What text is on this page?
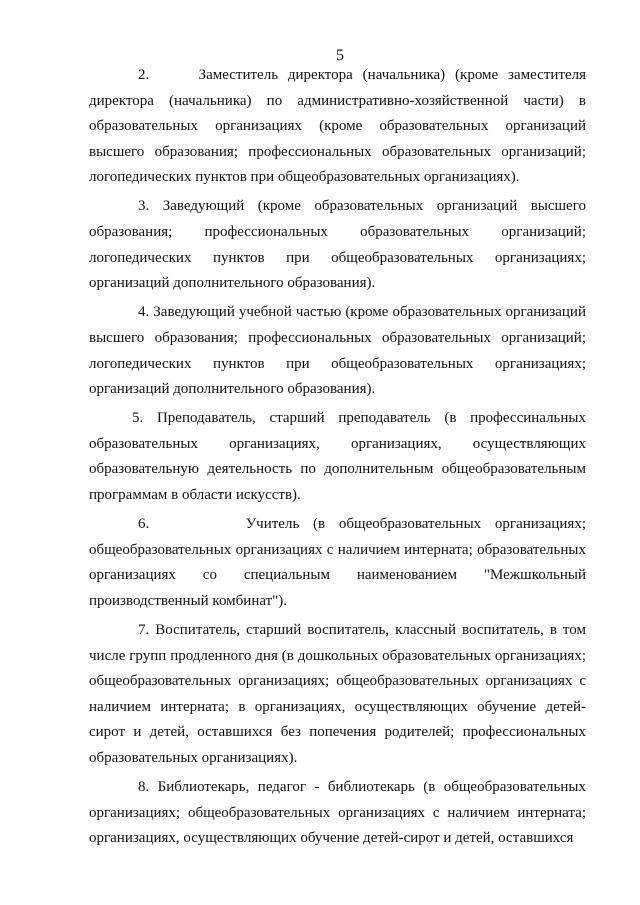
5

2.     Заместитель директора (начальника) (кроме заместителя директора (начальника) по административно-хозяйственной части) в образовательных организациях (кроме образовательных организаций высшего образования; профессиональных образовательных организаций; логопедических пунктов при общеобразовательных организациях).

3. Заведующий (кроме образовательных организаций высшего образования; профессиональных образовательных организаций; логопедических пунктов при общеобразовательных организациях; организаций дополнительного образования).

4. Заведующий учебной частью (кроме образовательных организаций высшего образования; профессиональных образовательных организаций; логопедических пунктов при общеобразовательных организациях; организаций дополнительного образования).

5. Преподаватель, старший преподаватель (в профессинальных образовательных организациях, организациях, осуществляющих образовательную деятельность по дополнительным общеобразовательным программам в области искусств).

6.       Учитель (в общеобразовательных организациях; общеобразовательных организациях с наличием интерната; образовательных организациях со специальным наименованием "Межшкольный производственный комбинат").

7. Воспитатель, старший воспитатель, классный воспитатель, в том числе групп продленного дня (в дошкольных образовательных организациях; общеобразовательных организациях; общеобразовательных организациях с наличием интерната; в организациях, осуществляющих обучение детей-сирот и детей, оставшихся без попечения родителей; профессиональных образовательных организациях).

8. Библиотекарь, педагог - библиотекарь (в общеобразовательных организациях; общеобразовательных организациях с наличием интерната; организациях, осуществляющих обучение детей-сирот и детей, оставшихся
